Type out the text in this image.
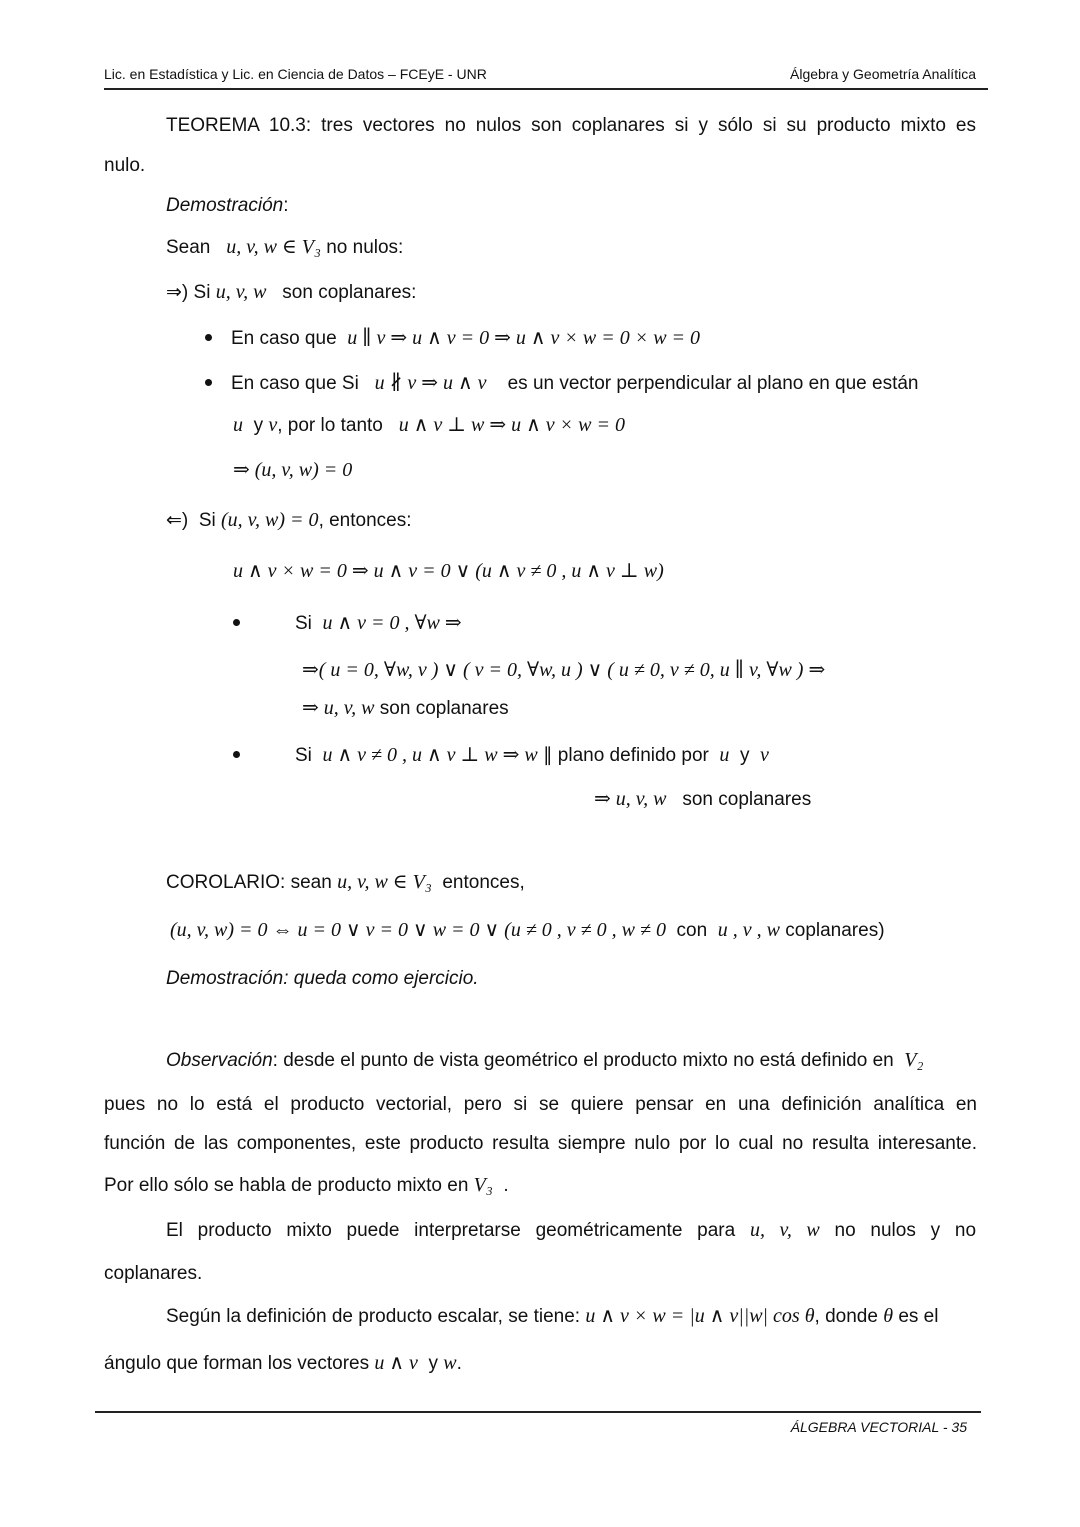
Lic. en Estadística y Lic. en Ciencia de Datos – FCEyE - UNR	Álgebra y Geometría Analítica
TEOREMA 10.3: tres vectores no nulos son coplanares si y sólo si su producto mixto es
nulo.
Demostración:
Sean u, v, w ∈ V₃ no nulos:
⇒) Si u, v, w son coplanares:
En caso que u ∥ v ⇒ u ∧ v = 0 ⇒ u ∧ v × w = 0 × w = 0
En caso que Si u ∦ v ⇒ u ∧ v es un vector perpendicular al plano en que están
u y v, por lo tanto u ∧ v ⊥ w ⇒ u ∧ v × w = 0
⇒ (u, v, w) = 0
⇐) Si (u, v, w) = 0, entonces:
u ∧ v × w = 0 ⇒ u ∧ v = 0 ∨ (u ∧ v ≠ 0 , u ∧ v ⊥ w)
Si u ∧ v = 0 , ∀w ⇒
⇒( u = 0, ∀w, v ) ∨ ( v = 0, ∀w, u ) ∨ ( u ≠ 0, v ≠ 0, u ∥ v, ∀w ) ⇒
⇒ u, v, w son coplanares
Si u ∧ v ≠ 0 , u ∧ v ⊥ w ⇒ w ∥ plano definido por u y v
⇒ u, v, w son coplanares
COROLARIO: sean u, v, w ∈ V₃ entonces,
(u, v, w) = 0 ⇔ u = 0 ∨ v = 0 ∨ w = 0 ∨ (u ≠ 0 , v ≠ 0 , w ≠ 0 con u , v , w coplanares)
Demostración: queda como ejercicio.
Observación: desde el punto de vista geométrico el producto mixto no está definido en V₂
pues no lo está el producto vectorial, pero si se quiere pensar en una definición analítica en
función de las componentes, este producto resulta siempre nulo por lo cual no resulta interesante.
Por ello sólo se habla de producto mixto en V₃ .
El producto mixto puede interpretarse geométricamente para u, v, w no nulos y no
coplanares.
Según la definición de producto escalar, se tiene: u ∧ v × w = |u ∧ v||w| cos θ, donde θ es el
ángulo que forman los vectores u ∧ v y w.
ÁLGEBRA VECTORIAL - 35
